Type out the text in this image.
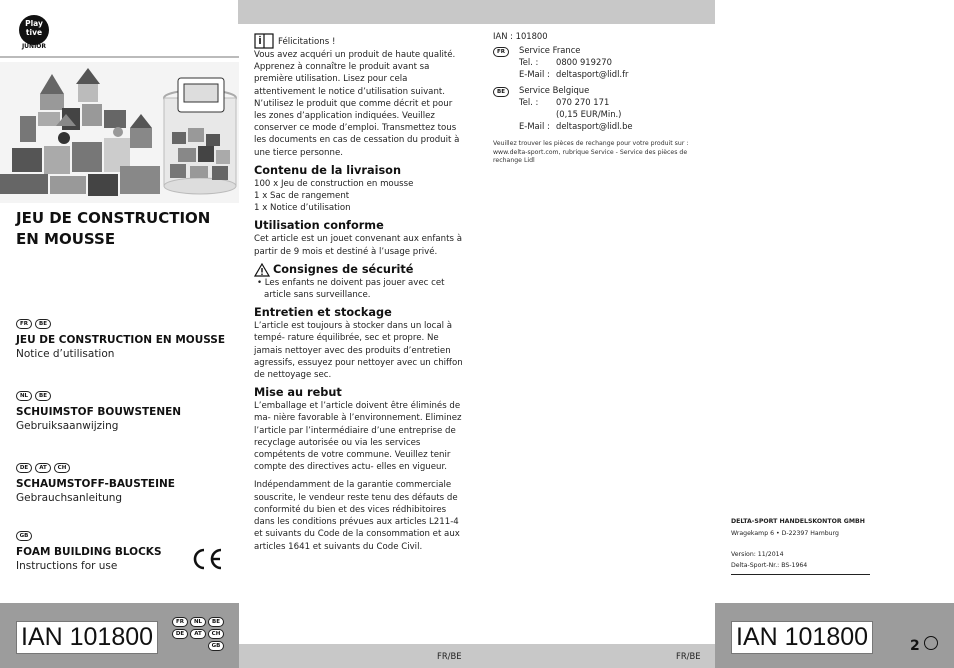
Play
tive
JUNIOR
JEU DE CONSTRUCTION
EN MOUSSE
FR	BE
JEU DE CONSTRUCTION EN MOUSSE
Notice d’utilisation
NL	BE
SCHUIMSTOF BOUWSTENEN
Gebruiksaanwijzing
DE	AT	CH
SCHAUMSTOFF-BAUSTEINE
Gebrauchsanleitung
GB
FOAM BUILDING BLOCKS
Instructions for use
IAN 101800
FR	NL	BE
DE	AT	CH
GB

Félicitations !

Vous avez acquéri un produit de haute qualité. Apprenez à connaître le produit avant sa première utilisation. Lisez pour cela attentivement le notice d’utilisation suivant. N’utilisez le produit que comme décrit et pour les zones d’application indiquées. Veuillez conserver ce mode d’emploi. Transmettez tous les documents en cas de cessation du produit à une tierce personne.

Contenu de la livraison

100 x Jeu de construction en mousse

1 x Sac de rangement

1 x Notice d’utilisation

Utilisation conforme

Cet article est un jouet convenant aux enfants à partir de 9 mois et destiné à l’usage privé.

Consignes de sécurité

• Les enfants ne doivent pas jouer avec cet article sans surveillance.

Entretien et stockage

L’article est toujours à stocker dans un local à tempé- rature équilibrée, sec et propre. Ne jamais nettoyer avec des produits d’entretien agressifs, essuyez pour nettoyer avec un chiffon de nettoyage sec.

Mise au rebut

L’emballage et l’article doivent être éliminés de ma- nière favorable à l’environnement. Eliminez l’article par l’intermédiaire d’une entreprise de recyclage autorisée ou via les services compétents de votre commune. Veuillez tenir compte des directives actu- elles en vigueur.

Indépendamment de la garantie commerciale souscrite, le vendeur reste tenu des défauts de conformité du bien et des vices rédhibitoires dans les conditions prévues aux articles L211-4 et suivants du Code de la consommation et aux articles 1641 et suivants du Code Civil.

IAN : 101800

FR	Service France

Tel. :	0800 919270
E-Mail : deltasport@lidl.fr
BE	Service Belgique

Tel. :	070 270 171
(0,15 EUR/Min.)
E-Mail : deltasport@lidl.be

Veuillez trouver les pièces de rechange pour votre produit sur : www.delta-sport.com, rubrique Service - Service des pièces de rechange Lidl

DELTA-SPORT HANDELSKONTOR GMBH

Wragekamp 6 • D-22397 Hamburg

Version: 11/2014

Delta-Sport-Nr.: BS-1964

IAN 101800	2
FR/BE	FR/BE
